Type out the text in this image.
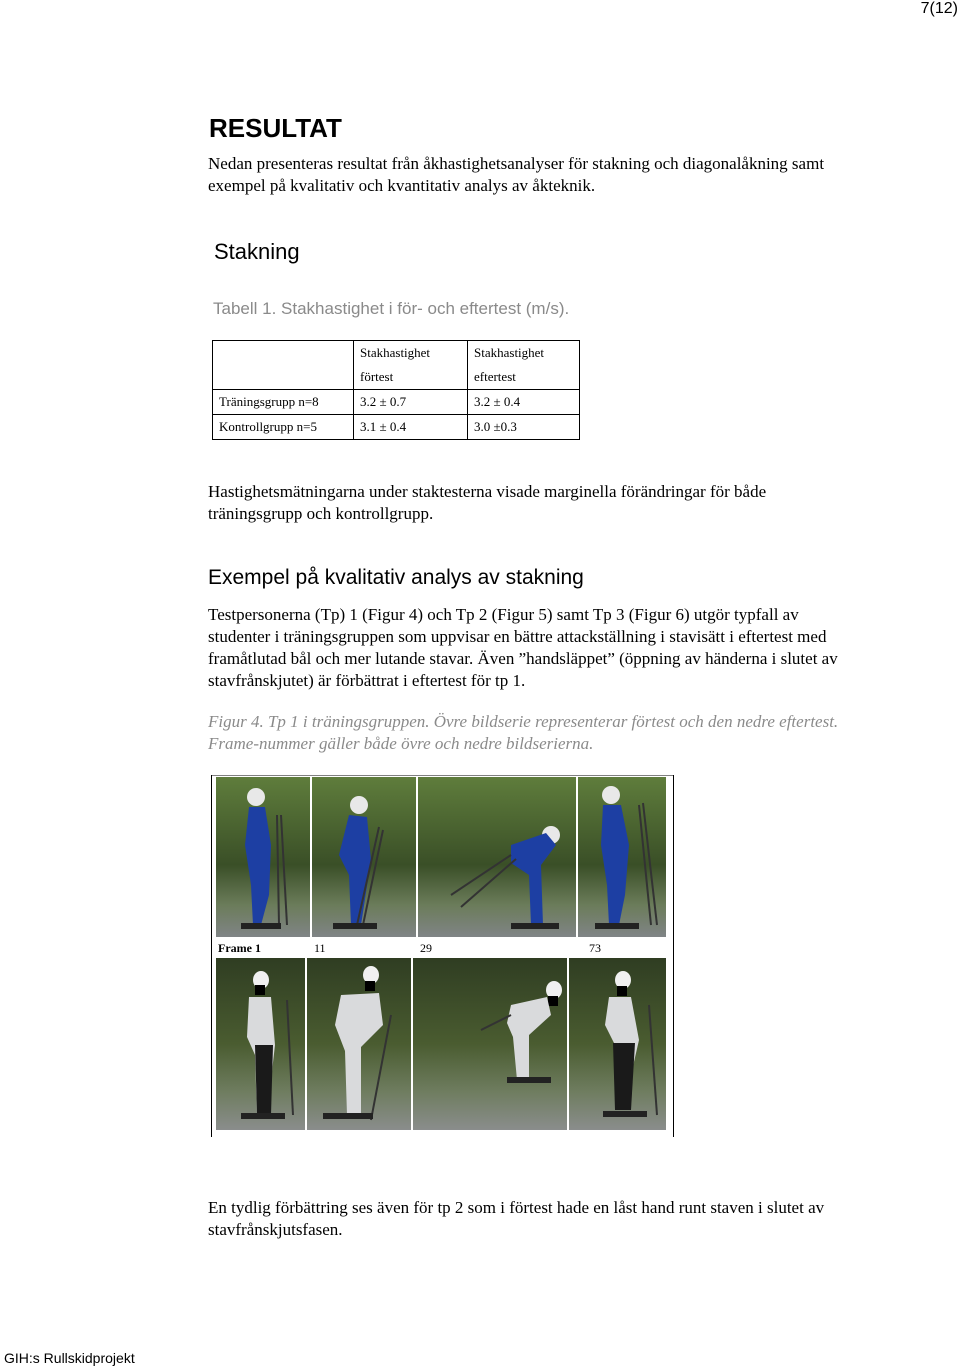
7(12)
RESULTAT
Nedan presenteras resultat från åkhastighetsanalyser för stakning och diagonalåkning samt exempel på kvalitativ och kvantitativ analys av åkteknik.
Stakning
Tabell 1. Stakhastighet i för- och eftertest (m/s).
	Stakhastighet	Stakhastighet
	förtest	eftertest
Träningsgrupp n=8	3.2 ± 0.7	3.2 ± 0.4
Kontrollgrupp n=5	3.1 ± 0.4	3.0 ±0.3
Hastighetsmätningarna under staktesterna visade marginella förändringar för både träningsgrupp och kontrollgrupp.
Exempel på kvalitativ analys av stakning
Testpersonerna (Tp) 1 (Figur 4) och Tp 2 (Figur 5) samt Tp 3 (Figur 6) utgör typfall av studenter i träningsgruppen som uppvisar en bättre attackställning i stavisätt i eftertest med framåtlutad bål och mer lutande stavar. Även ”handsläppet” (öppning av händerna i slutet av stavfrånskjutet) är förbättrat i eftertest för tp 1.
Figur 4. Tp 1 i träningsgruppen. Övre bildserie representerar förtest och den nedre eftertest. Frame-nummer gäller både övre och nedre bildserierna.
Frame 1	11	29	73
En tydlig förbättring ses även för tp 2 som i förtest hade en låst hand runt staven i slutet av stavfrånskjutsfasen.
GIH:s Rullskidprojekt
